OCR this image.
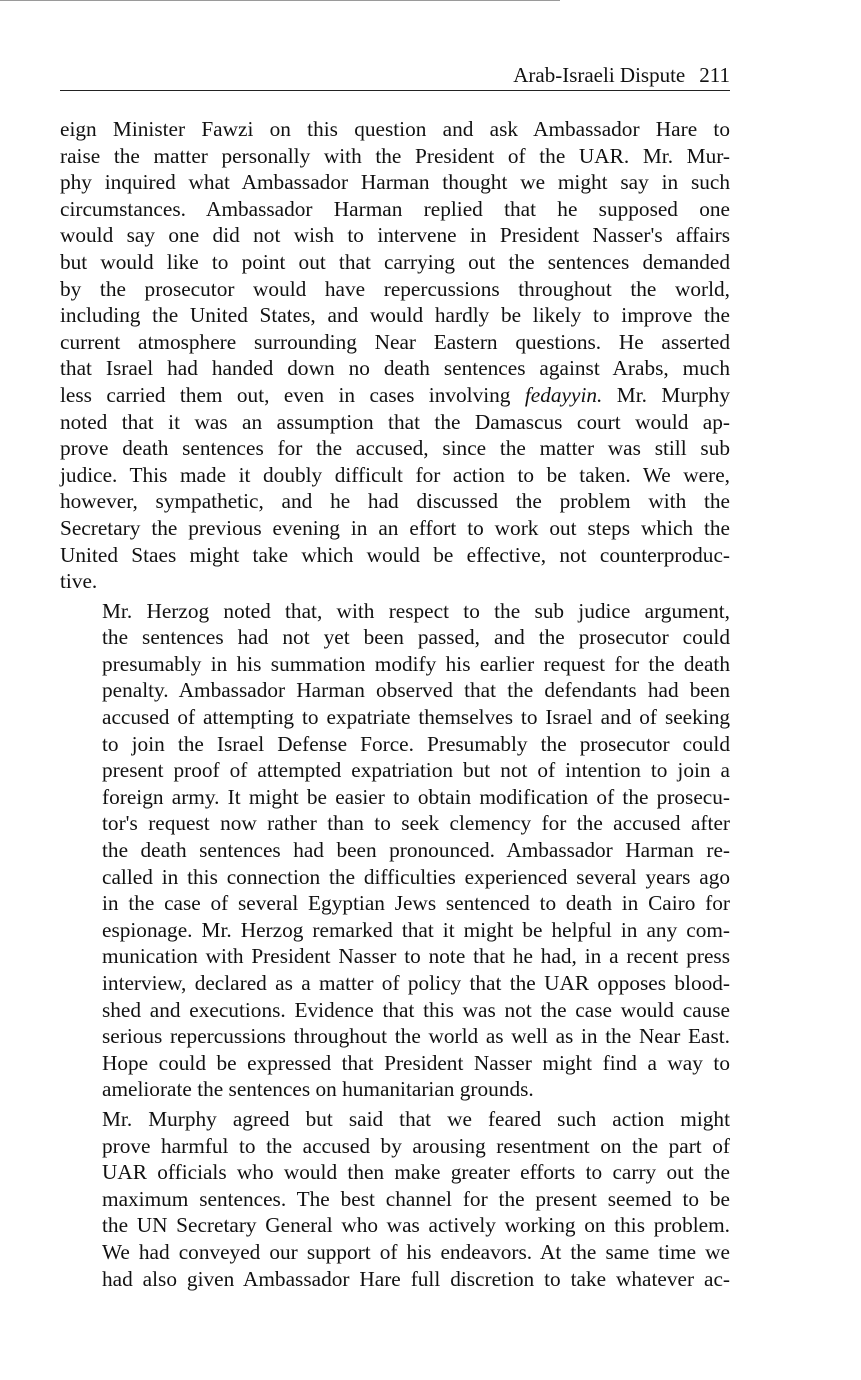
Arab-Israeli Dispute 211

eign Minister Fawzi on this question and ask Ambassador Hare to
raise the matter personally with the President of the UAR. Mr. Mur-
phy inquired what Ambassador Harman thought we might say in such
circumstances. Ambassador Harman replied that he supposed one
would say one did not wish to intervene in President Nasser's affairs
but would like to point out that carrying out the sentences demanded
by the prosecutor would have repercussions throughout the world,
including the United States, and would hardly be likely to improve the
current atmosphere surrounding Near Eastern questions. He asserted
that Israel had handed down no death sentences against Arabs, much
less carried them out, even in cases involving fedayyin. Mr. Murphy
noted that it was an assumption that the Damascus court would ap-
prove death sentences for the accused, since the matter was still sub
judice. This made it doubly difficult for action to be taken. We were,
however, sympathetic, and he had discussed the problem with the
Secretary the previous evening in an effort to work out steps which the
United Staes might take which would be effective, not counterproduc-
tive.

Mr. Herzog noted that, with respect to the sub judice argument,
the sentences had not yet been passed, and the prosecutor could
presumably in his summation modify his earlier request for the death
penalty. Ambassador Harman observed that the defendants had been
accused of attempting to expatriate themselves to Israel and of seeking
to join the Israel Defense Force. Presumably the prosecutor could
present proof of attempted expatriation but not of intention to join a
foreign army. It might be easier to obtain modification of the prosecu-
tor's request now rather than to seek clemency for the accused after
the death sentences had been pronounced. Ambassador Harman re-
called in this connection the difficulties experienced several years ago
in the case of several Egyptian Jews sentenced to death in Cairo for
espionage. Mr. Herzog remarked that it might be helpful in any com-
munication with President Nasser to note that he had, in a recent press
interview, declared as a matter of policy that the UAR opposes blood-
shed and executions. Evidence that this was not the case would cause
serious repercussions throughout the world as well as in the Near East.
Hope could be expressed that President Nasser might find a way to
ameliorate the sentences on humanitarian grounds.

Mr. Murphy agreed but said that we feared such action might
prove harmful to the accused by arousing resentment on the part of
UAR officials who would then make greater efforts to carry out the
maximum sentences. The best channel for the present seemed to be
the UN Secretary General who was actively working on this problem.
We had conveyed our support of his endeavors. At the same time we
had also given Ambassador Hare full discretion to take whatever ac-
